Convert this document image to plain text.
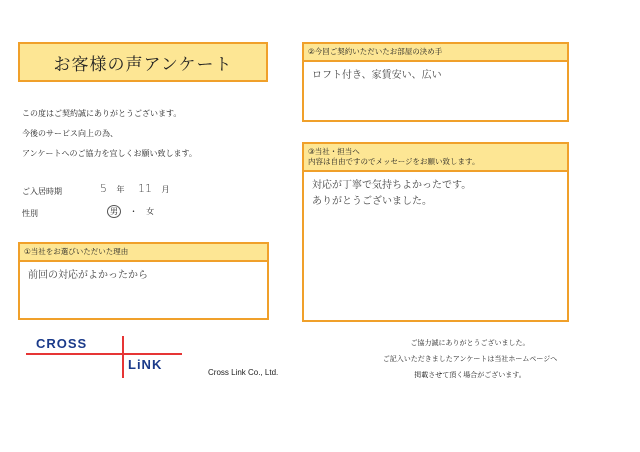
お客様の声アンケート
この度はご契約誠にありがとうございます。
今後のサービス向上の為、
アンケートへのご協力を宜しくお願い致します。
ご入居時期	5 年 11 月
性別	男 ・ 女
①当社をお選びいただいた理由
前回の対応がよかったから
②今回ご契約いただいたお部屋の決め手
ロフト付き、家賃安い、広い
③当社・担当へ
内容は自由ですのでメッセージをお願い致します。
対応が丁寧で気持ちよかったです。
ありがとうございました。
CROSS
LiNK
Cross Link Co., Ltd.
ご協力誠にありがとうございました。
ご記入いただきましたアンケートは当社ホームページへ
掲載させて頂く場合がございます。
